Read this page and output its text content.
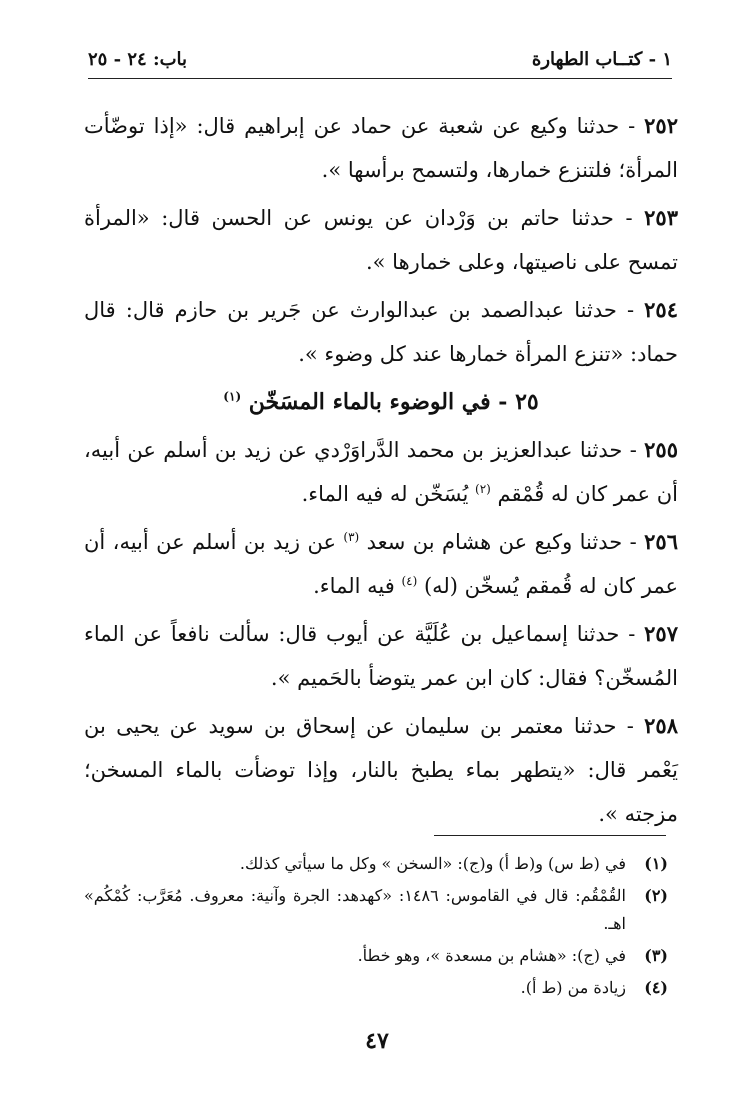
١ - كتــاب الطهارة
باب: ٢٤ - ٢٥

٢٥٢ - حدثنا وكيع عن شعبة عن حماد عن إبراهيم قال: «إذا توضّأت المرأة؛ فلتنزع خمارها، ولتسمح برأسها ».

٢٥٣ - حدثنا حاتم بن وَرْدان عن يونس عن الحسن قال: «المرأة تمسح على ناصيتها، وعلى خمارها ».

٢٥٤ - حدثنا عبدالصمد بن عبدالوارث عن جَرير بن حازم قال: قال حماد: «تنزع المرأة خمارها عند كل وضوء ».

٢٥ - في الوضوء بالماء المسَخّن $^{(١)}$

٢٥٥ - حدثنا عبدالعزيز بن محمد الدَّراوَرْدي عن زيد بن أسلم عن أبيه، أن عمر كان له قُمْقم $^{(٢)}$ يُسَخّن له فيه الماء.

٢٥٦ - حدثنا وكيع عن هشام بن سعد $^{(٣)}$ عن زيد بن أسلم عن أبيه، أن عمر كان له قُمقم يُسخّن (له) $^{(٤)}$ فيه الماء.

٢٥٧ - حدثنا إسماعيل بن عُلَيَّة عن أيوب قال: سألت نافعاً عن الماء المُسخّن؟ فقال: كان ابن عمر يتوضأ بالحَميم ».

٢٥٨ - حدثنا معتمر بن سليمان عن إسحاق بن سويد عن يحيى بن يَعْمر قال: «يتطهر بماء يطبخ بالنار، وإذا توضأت بالماء المسخن؛ مزجته ».

(١)
في (ط س) و(ط أ) و(ج): «السخن » وكل ما سيأتي كذلك.
(٢)
القُمْقُم: قال في القاموس: ١٤٨٦: «كهدهد: الجرة وآنية: معروف. مُعَرَّب: كُمْكُم» اهـ.
(٣)
في (ج): «هشام بن مسعدة »، وهو خطأ.
(٤)
زيادة من (ط أ).
٤٧
